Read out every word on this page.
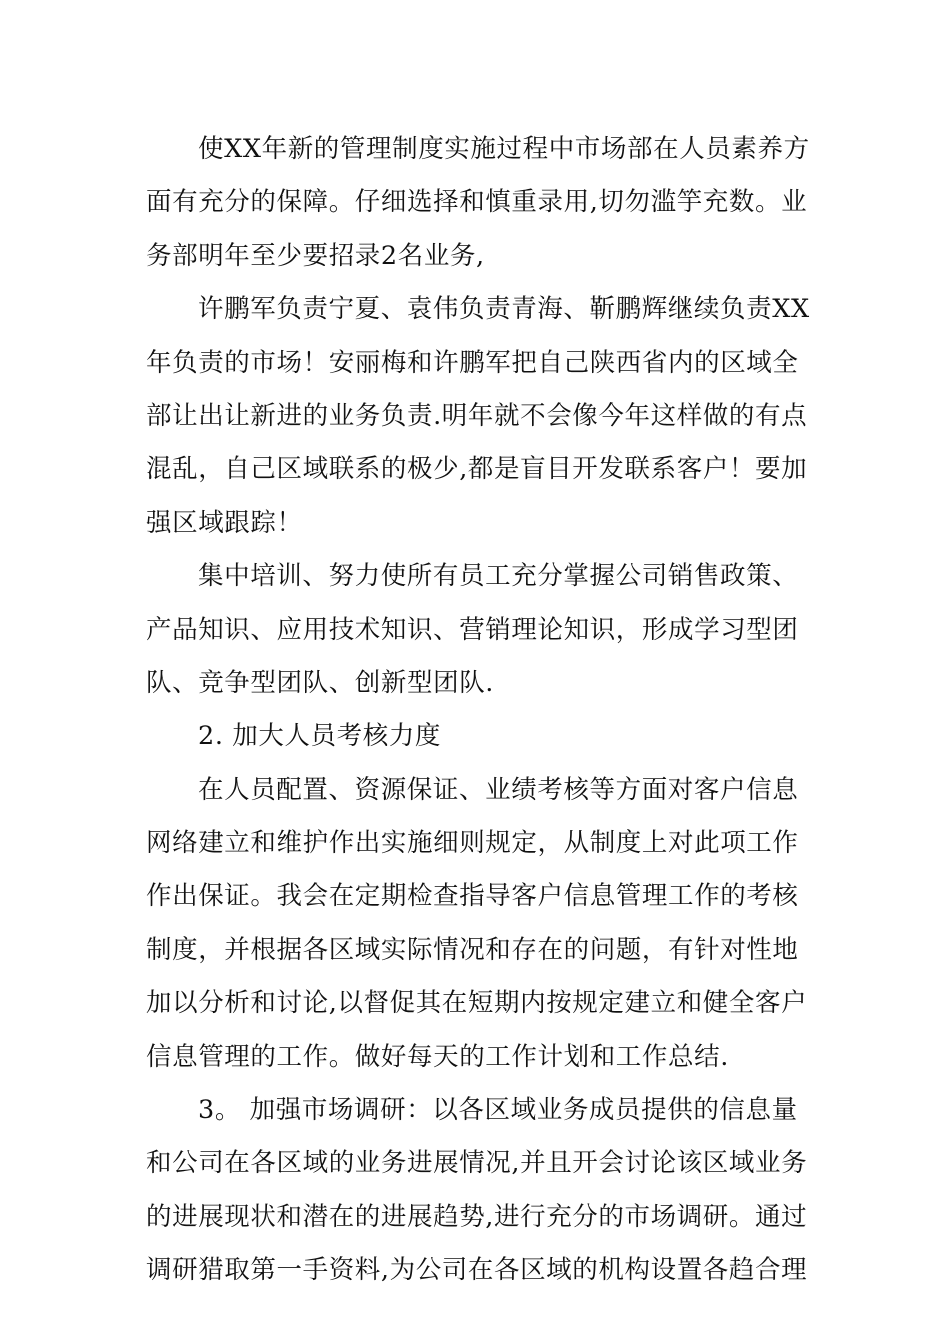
使XX年新的管理制度实施过程中市场部在人员素养方
面有充分的保障。仔细选择和慎重录用,切勿滥竽充数。业
务部明年至少要招录2名业务,
许鹏军负责宁夏、袁伟负责青海、靳鹏辉继续负责XX
年负责的市场！安丽梅和许鹏军把自己陕西省内的区域全
部让出让新进的业务负责.明年就不会像今年这样做的有点
混乱，自己区域联系的极少,都是盲目开发联系客户！要加
强区域跟踪！
集中培训、努力使所有员工充分掌握公司销售政策、
产品知识、应用技术知识、营销理论知识，形成学习型团
队、竞争型团队、创新型团队.
2. 加大人员考核力度
在人员配置、资源保证、业绩考核等方面对客户信息
网络建立和维护作出实施细则规定，从制度上对此项工作
作出保证。我会在定期检查指导客户信息管理工作的考核
制度，并根据各区域实际情况和存在的问题，有针对性地
加以分析和讨论,以督促其在短期内按规定建立和健全客户
信息管理的工作。做好每天的工作计划和工作总结.
3。 加强市场调研：以各区域业务成员提供的信息量
和公司在各区域的业务进展情况,并且开会讨论该区域业务
的进展现状和潜在的进展趋势,进行充分的市场调研。通过
调研猎取第一手资料,为公司在各区域的机构设置各趋合理
